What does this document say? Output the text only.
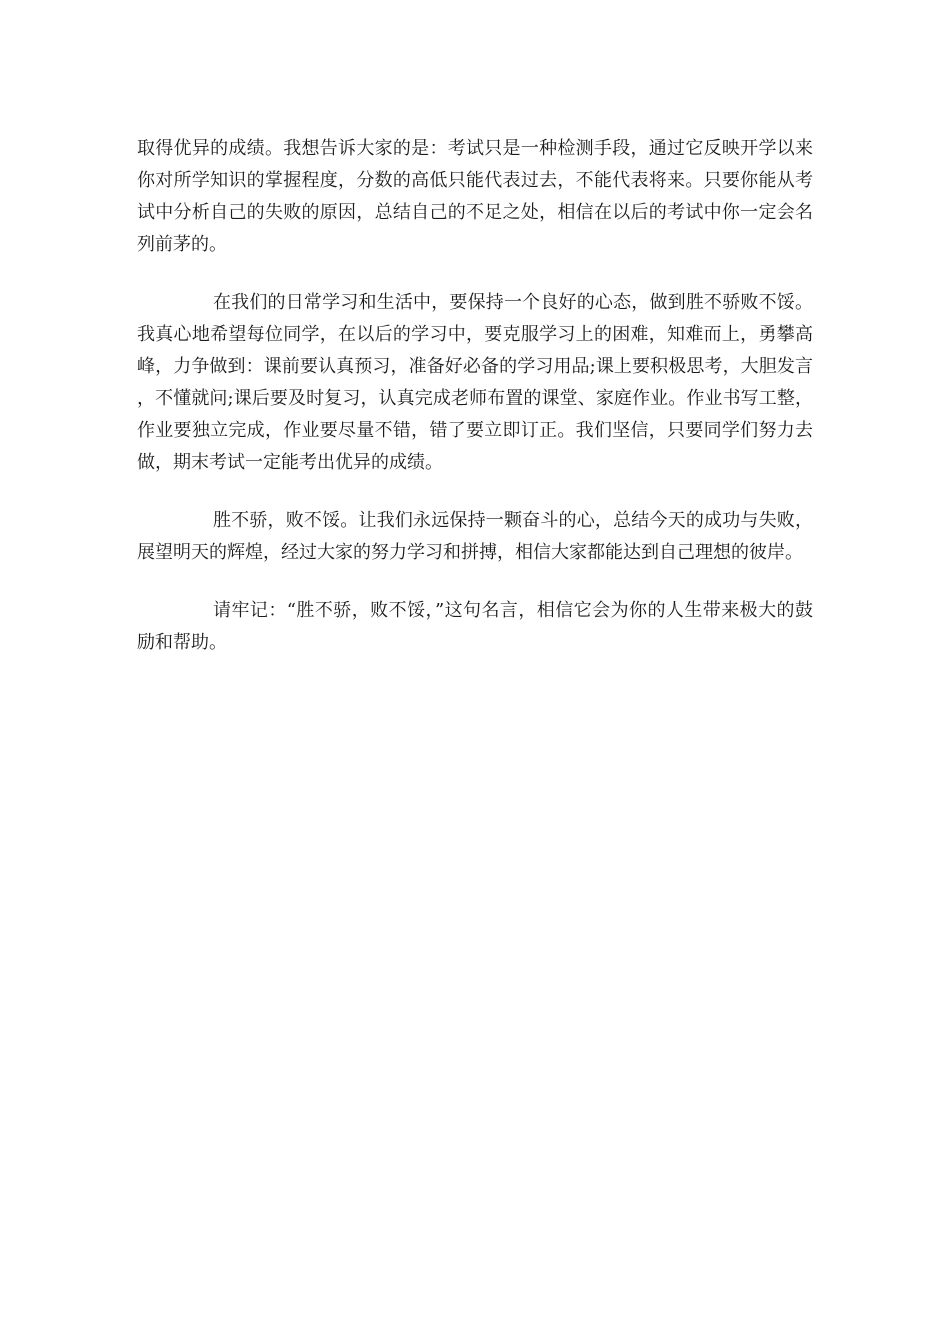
取得优异的成绩。我想告诉大家的是：考试只是一种检测手段，通过它反映开学以来你对所学知识的掌握程度，分数的高低只能代表过去，不能代表将来。只要你能从考试中分析自己的失败的原因，总结自己的不足之处，相信在以后的考试中你一定会名列前茅的。

在我们的日常学习和生活中，要保持一个良好的心态，做到胜不骄败不馁。我真心地希望每位同学，在以后的学习中，要克服学习上的困难，知难而上，勇攀高峰，力争做到：课前要认真预习，准备好必备的学习用品;课上要积极思考，大胆发言，不懂就问;课后要及时复习，认真完成老师布置的课堂、家庭作业。作业书写工整，作业要独立完成，作业要尽量不错，错了要立即订正。我们坚信，只要同学们努力去做，期末考试一定能考出优异的成绩。

胜不骄，败不馁。让我们永远保持一颗奋斗的心，总结今天的成功与失败，展望明天的辉煌，经过大家的努力学习和拼搏，相信大家都能达到自己理想的彼岸。

请牢记：“胜不骄，败不馁，”这句名言，相信它会为你的人生带来极大的鼓励和帮助。
